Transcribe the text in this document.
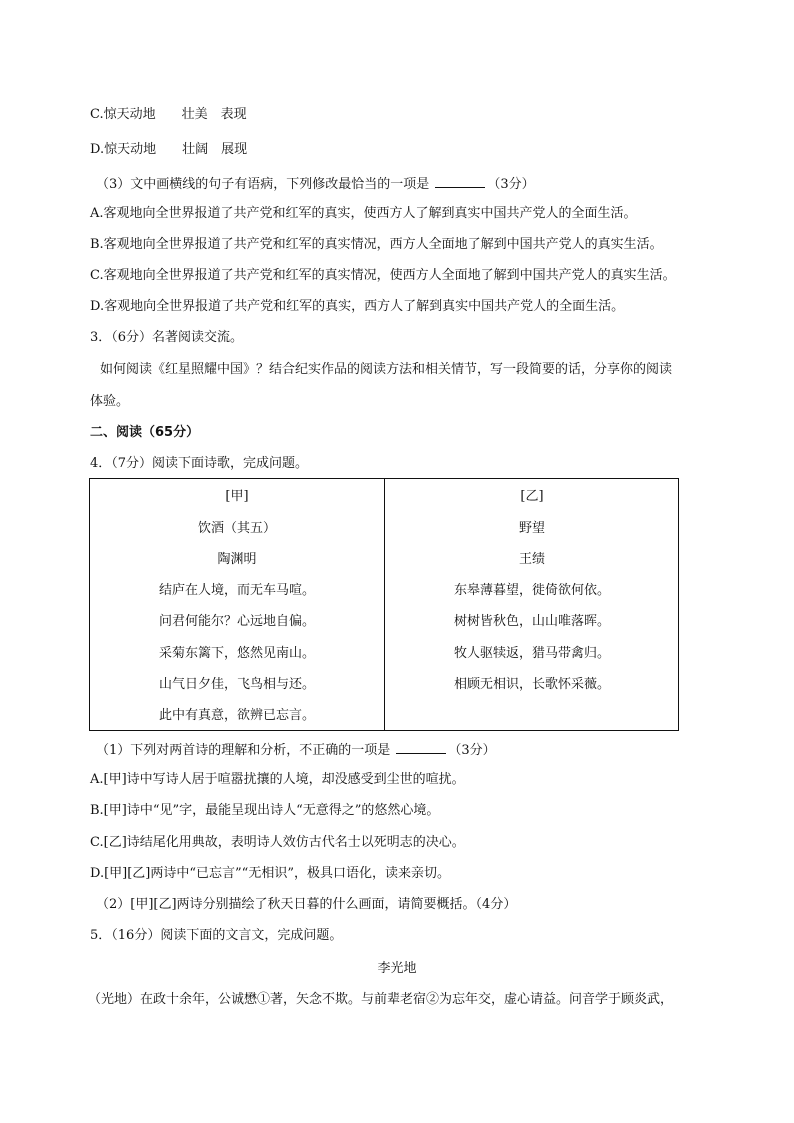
C.惊天动地　　壮美　表现
D.惊天动地　　壮阔　展现
（3）文中画横线的句子有语病，下列修改最恰当的一项是	（3分）
A.客观地向全世界报道了共产党和红军的真实，使西方人了解到真实中国共产党人的全面生活。
B.客观地向全世界报道了共产党和红军的真实情况，西方人全面地了解到中国共产党人的真实生活。
C.客观地向全世界报道了共产党和红军的真实情况，使西方人全面地了解到中国共产党人的真实生活。
D.客观地向全世界报道了共产党和红军的真实，西方人了解到真实中国共产党人的全面生活。
3．（6分）名著阅读交流。
如何阅读《红星照耀中国》？结合纪实作品的阅读方法和相关情节，写一段简要的话，分享你的阅读
体验。
二、阅读（65分）
4．（7分）阅读下面诗歌，完成问题。
[甲]
饮酒（其五）
陶渊明
结庐在人境，而无车马喧。
问君何能尔？心远地自偏。
采菊东篱下，悠然见南山。
山气日夕佳，飞鸟相与还。
此中有真意，欲辨已忘言。
[乙]
野望
王绩
东皋薄暮望，徙倚欲何依。
树树皆秋色，山山唯落晖。
牧人驱犊返，猎马带禽归。
相顾无相识，长歌怀采薇。
（1）下列对两首诗的理解和分析，不正确的一项是	（3分）
A.[甲]诗中写诗人居于喧嚣扰攘的人境，却没感受到尘世的喧扰。
B.[甲]诗中“见”字，最能呈现出诗人“无意得之”的悠然心境。
C.[乙]诗结尾化用典故，表明诗人效仿古代名士以死明志的决心。
D.[甲][乙]两诗中“已忘言”“无相识”，极具口语化，读来亲切。
（2）[甲][乙]两诗分别描绘了秋天日暮的什么画面，请简要概括。（4分）
5．（16分）阅读下面的文言文，完成问题。
李光地
（光地）在政十余年，公诚懋①著，矢念不欺。与前辈老宿②为忘年交，虚心请益。问音学于顾炎武，
